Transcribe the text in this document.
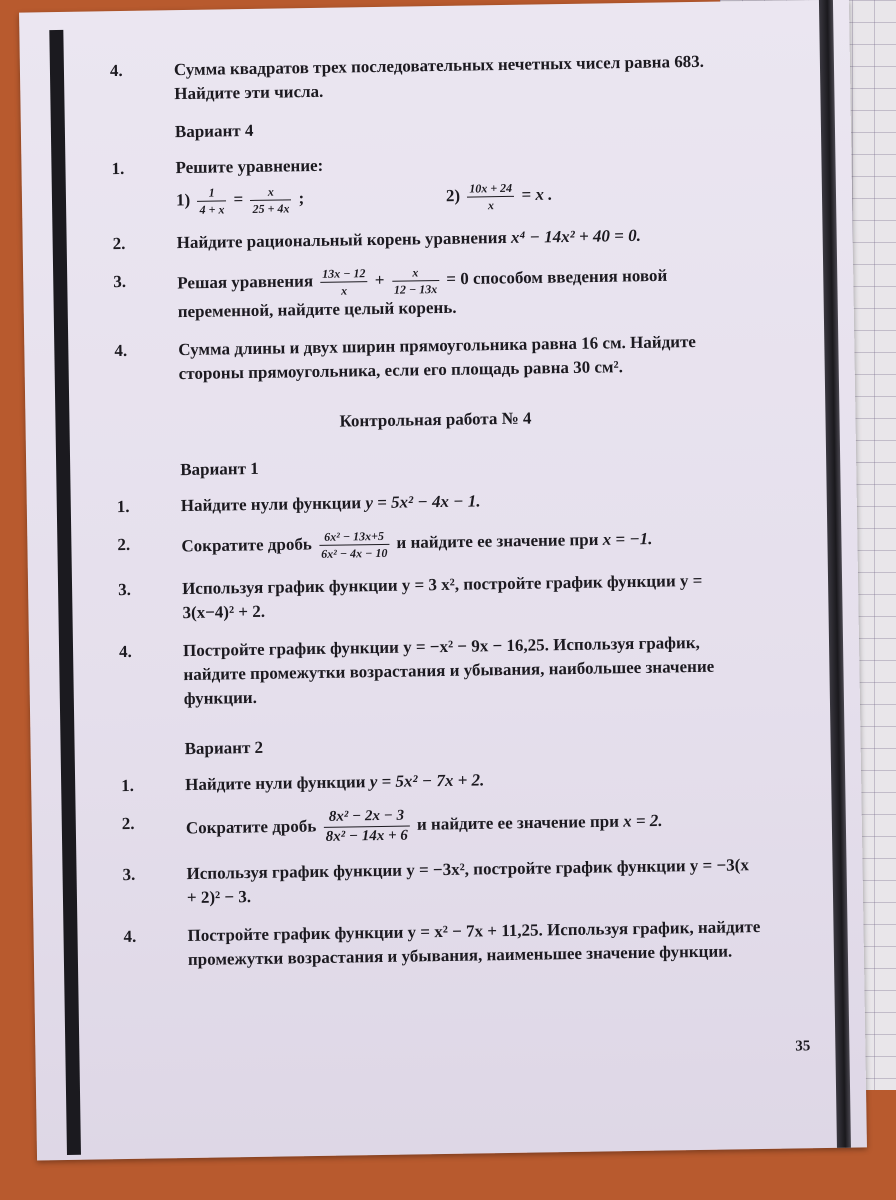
4.	Сумма квадратов трех последовательных нечетных чисел равна 683. Найдите эти числа.
Вариант 4
1.	Решите уравнение:
$1) \frac{1}{4 + x} = \frac{x}{25 + 4x}$ ;	$2) \frac{10x + 24}{x} = x$ .
2.	Найдите рациональный корень уравнения x⁴ − 14x² + 40 = 0.
3.	Решая уравнения $\frac{13x - 12}{x} + \frac{x}{12 - 13x} = 0$ способом введения новой переменной, найдите целый корень.
4.	Сумма длины и двух ширин прямоугольника равна 16 см. Найдите стороны прямоугольника, если его площадь равна 30 см².
Контрольная работа № 4
Вариант 1
1.	Найдите нули функции y = 5x² − 4x − 1.
2.	Сократите дробь $\frac{\text{6x² − 13x+5}}{\text{6x² − 4x − 10}}$ и найдите ее значение при x = −1.
3.	Используя график функции y = 3 x², постройте график функции y = 3(x−4)² + 2.
4.	Постройте график функции y = −x² − 9x − 16,25. Используя график, найдите промежутки возрастания и убывания, наибольшее значение функции.
Вариант 2
1.	Найдите нули функции y = 5x² − 7x + 2.
2.	Сократите дробь $\frac{\text{8x² − 2x − 3}}{\text{8x² − 14x + 6}}$ и найдите ее значение при x = 2.
3.	Используя график функции y = −3x², постройте график функции y = −3(x + 2)² − 3.
4.	Постройте график функции y = x² − 7x + 11,25. Используя график, найдите промежутки возрастания и убывания, наименьшее значение функции.
35
